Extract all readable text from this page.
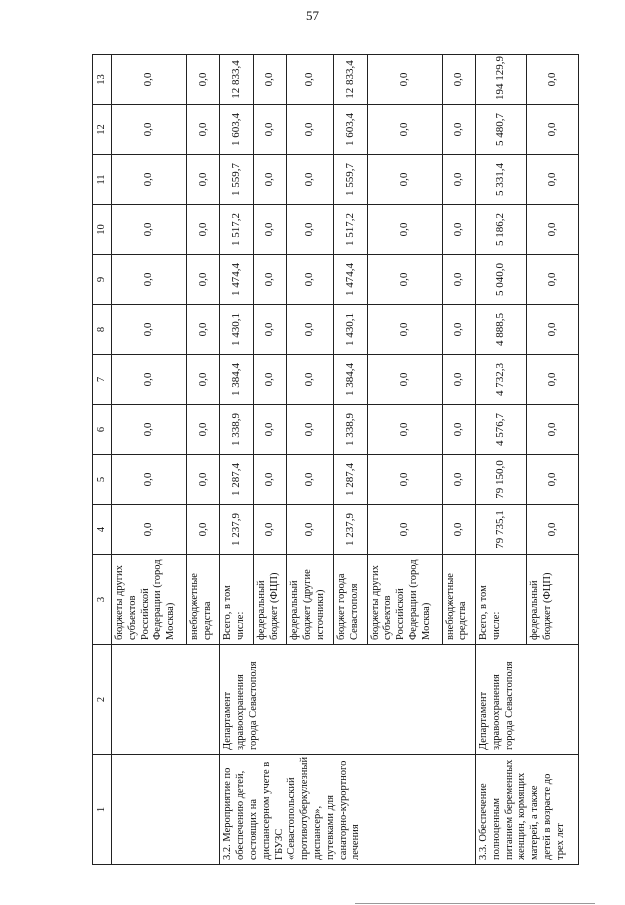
57
1	2	3	4	5	6	7	8	9	10	11	12	13
		бюджеты других субъектов Российской Федерации (город Москва)	0,0	0,0	0,0	0,0	0,0	0,0	0,0	0,0	0,0	0,0
		внебюджетные средства	0,0	0,0	0,0	0,0	0,0	0,0	0,0	0,0	0,0	0,0
3.2. Мероприятие по обеспечению детей, состоящих на диспансерном учете в ГБУЗС «Севастопольский противотуберкулезный диспансер», путевками для санаторно-курортного лечения	Департамент здравоохранения города Севастополя	Всего, в том числе:	1 237,9	1 287,4	1 338,9	1 384,4	1 430,1	1 474,4	1 517,2	1 559,7	1 603,4	12 833,4
		федеральный бюджет (ФЦП)	0,0	0,0	0,0	0,0	0,0	0,0	0,0	0,0	0,0	0,0
		федеральный бюджет (другие источники)	0,0	0,0	0,0	0,0	0,0	0,0	0,0	0,0	0,0	0,0
		бюджет города Севастополя	1 237,9	1 287,4	1 338,9	1 384,4	1 430,1	1 474,4	1 517,2	1 559,7	1 603,4	12 833,4
		бюджеты других субъектов Российской Федерации (город Москва)	0,0	0,0	0,0	0,0	0,0	0,0	0,0	0,0	0,0	0,0
		внебюджетные средства	0,0	0,0	0,0	0,0	0,0	0,0	0,0	0,0	0,0	0,0
3.3. Обеспечение полноценным питанием беременных женщин, кормящих матерей, а также детей в возрасте до трех лет	Департамент здравоохранения города Севастополя	Всего, в том числе:	79 735,1	79 150,0	4 576,7	4 732,3	4 888,5	5 040,0	5 186,2	5 331,4	5 480,7	194 129,9
		федеральный бюджет (ФЦП)	0,0	0,0	0,0	0,0	0,0	0,0	0,0	0,0	0,0	0,0
